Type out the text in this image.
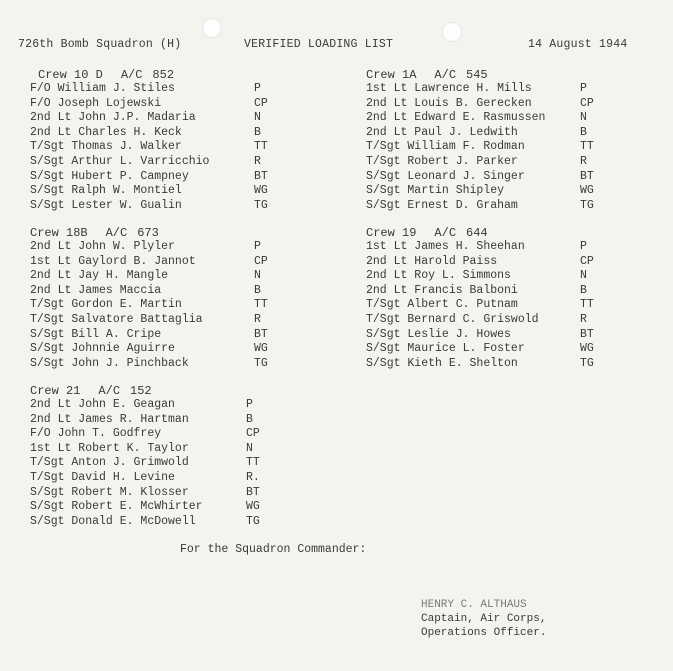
726th Bomb Squadron (H)	VERIFIED LOADING LIST	14 August 1944
Crew 10 D A/C 852
F/O William J. Stiles	P
F/O Joseph Lojewski	CP
2nd Lt John J.P. Madaria	N
2nd Lt Charles H. Keck	B
T/Sgt Thomas J. Walker	TT
S/Sgt Arthur L. Varricchio	R
S/Sgt Hubert P. Campney	BT
S/Sgt Ralph W. Montiel	WG
S/Sgt Lester W. Gualin	TG
Crew 1A A/C 545
1st Lt Lawrence H. Mills	P
2nd Lt Louis B. Gerecken	CP
2nd Lt Edward E. Rasmussen	N
2nd Lt Paul J. Ledwith	B
T/Sgt William F. Rodman	TT
T/Sgt Robert J. Parker	R
S/Sgt Leonard J. Singer	BT
S/Sgt Martin Shipley	WG
S/Sgt Ernest D. Graham	TG
Crew 18B A/C 673
2nd Lt John W. Plyler	P
1st Lt Gaylord B. Jannot	CP
2nd Lt Jay H. Mangle	N
2nd Lt James Maccia	B
T/Sgt Gordon E. Martin	TT
T/Sgt Salvatore Battaglia	R
S/Sgt Bill A. Cripe	BT
S/Sgt Johnnie Aguirre	WG
S/Sgt John J. Pinchback	TG
Crew 19 A/C 644
1st Lt James H. Sheehan	P
2nd Lt Harold Paiss	CP
2nd Lt Roy L. Simmons	N
2nd Lt Francis Balboni	B
T/Sgt Albert C. Putnam	TT
T/Sgt Bernard C. Griswold	R
S/Sgt Leslie J. Howes	BT
S/Sgt Maurice L. Foster	WG
S/Sgt Kieth E. Shelton	TG
Crew 21 A/C 152
2nd Lt John E. Geagan	P
2nd Lt James R. Hartman	B
F/O John T. Godfrey	CP
1st Lt Robert K. Taylor	N
T/Sgt Anton J. Grimwold	TT
T/Sgt David H. Levine	R.
S/Sgt Robert M. Klosser	BT
S/Sgt Robert E. McWhirter	WG
S/Sgt Donald E. McDowell	TG
For the Squadron Commander:
HENRY C. ALTHAUS
Captain, Air Corps,
Operations Officer.
